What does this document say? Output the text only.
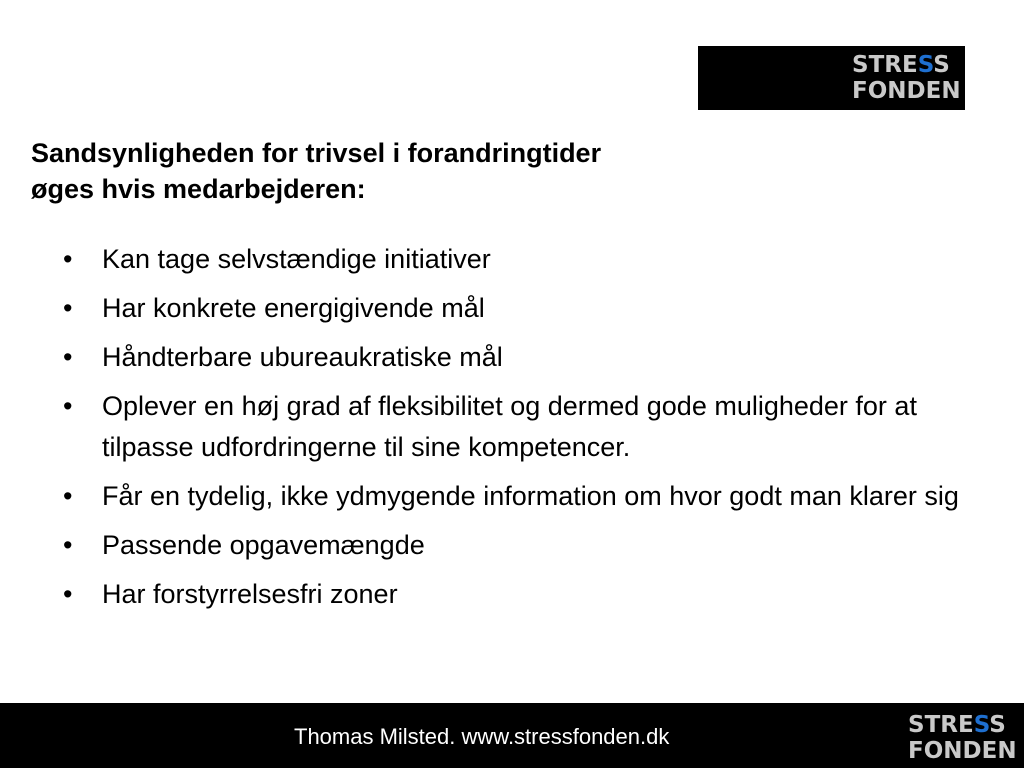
STRESS
FONDEN
Sandsynligheden for trivsel i forandringtider
øges hvis medarbejderen:
• Kan tage selvstændige initiativer
• Har konkrete energigivende mål
• Håndterbare ubureaukratiske mål
• Oplever en høj grad af fleksibilitet og dermed gode muligheder for at tilpasse udfordringerne til sine kompetencer.
• Får en tydelig, ikke ydmygende information om hvor godt man klarer sig
• Passende opgavemængde
• Har forstyrrelsesfri zoner
Thomas Milsted. www.stressfonden.dk	STRESS
FONDEN
